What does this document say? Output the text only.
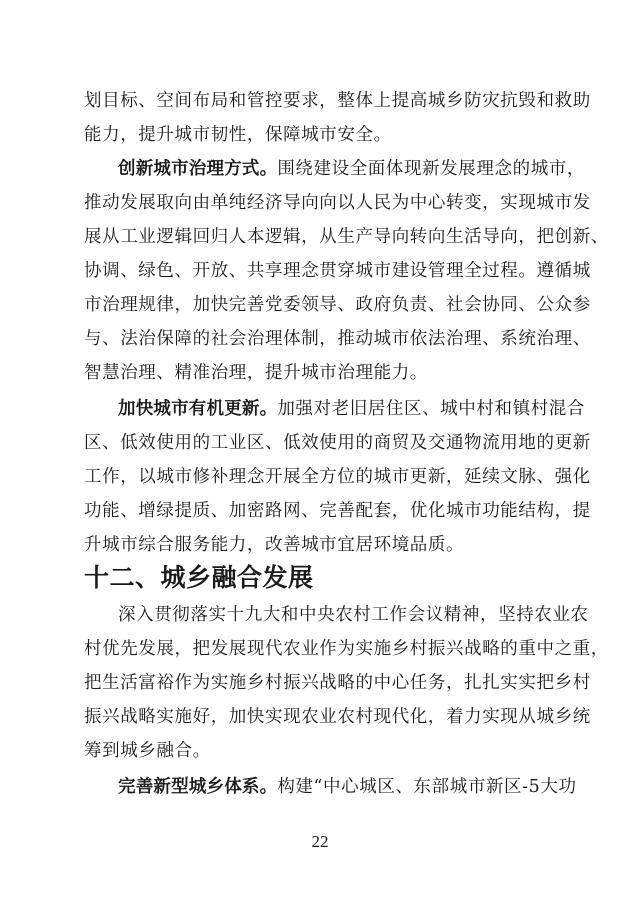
十二、城乡融合发展
22
划目标、空间布局和管控要求，整体上提高城乡防灾抗毁和救助
能力，提升城市韧性，保障城市安全。
创新城市治理方式。围绕建设全面体现新发展理念的城市，
推动发展取向由单纯经济导向向以人民为中心转变，实现城市发
展从工业逻辑回归人本逻辑，从生产导向转向生活导向，把创新、
协调、绿色、开放、共享理念贯穿城市建设管理全过程。遵循城
市治理规律，加快完善党委领导、政府负责、社会协同、公众参
与、法治保障的社会治理体制，推动城市依法治理、系统治理、
智慧治理、精准治理，提升城市治理能力。
加快城市有机更新。加强对老旧居住区、城中村和镇村混合
区、低效使用的工业区、低效使用的商贸及交通物流用地的更新
工作，以城市修补理念开展全方位的城市更新，延续文脉、强化
功能、增绿提质、加密路网、完善配套，优化城市功能结构，提
升城市综合服务能力，改善城市宜居环境品质。
深入贯彻落实十九大和中央农村工作会议精神，坚持农业农
村优先发展，把发展现代农业作为实施乡村振兴战略的重中之重，
把生活富裕作为实施乡村振兴战略的中心任务，扎扎实实把乡村
振兴战略实施好，加快实现农业农村现代化，着力实现从城乡统
筹到城乡融合。
完善新型城乡体系。构建“中心城区、东部城市新区-5大功
